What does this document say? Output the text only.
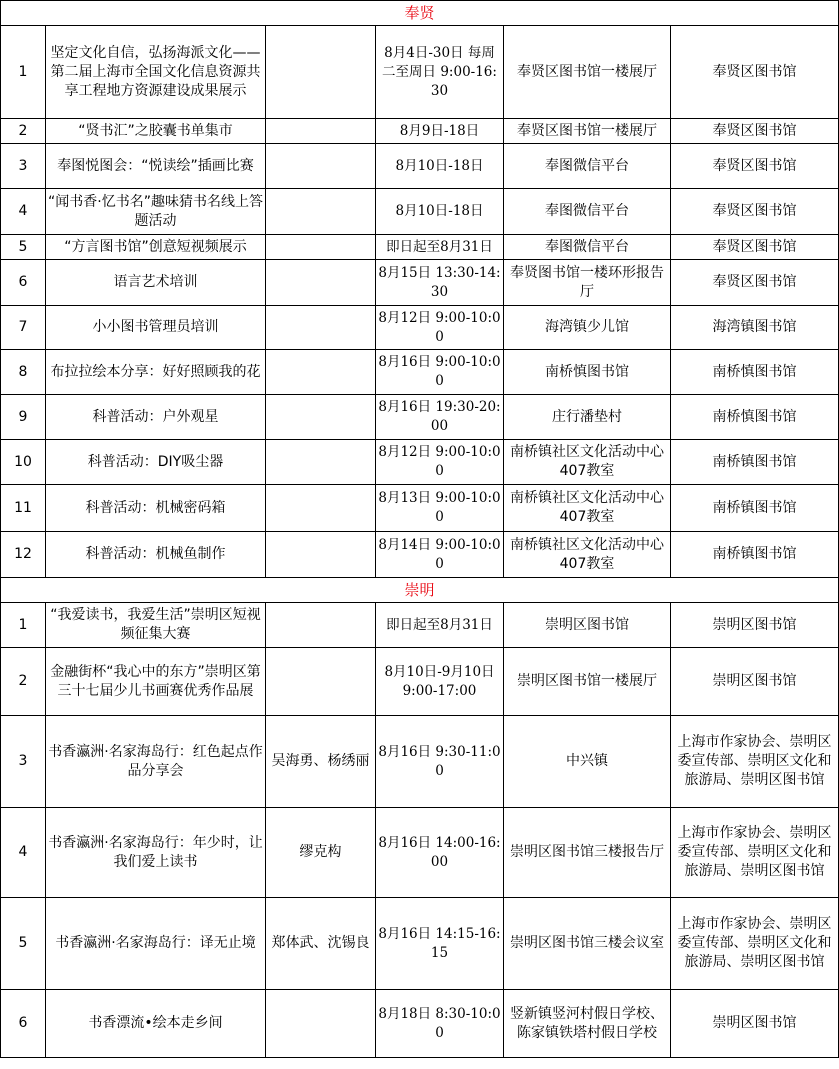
奉贤					
1	坚定文化自信，弘扬海派文化——第二届上海市全国文化信息资源共享工程地方资源建设成果展示		8月4日-30日 每周二至周日 9:00-16:30	奉贤区图书馆一楼展厅	奉贤区图书馆
2	“贤书汇”之胶囊书单集市		8月9日-18日	奉贤区图书馆一楼展厅	奉贤区图书馆
3	奉图悦图会：“悦读绘”插画比赛		8月10日-18日	奉图微信平台	奉贤区图书馆
4	“闻书香·忆书名”趣味猜书名线上答题活动		8月10日-18日	奉图微信平台	奉贤区图书馆
5	“方言图书馆”创意短视频展示		即日起至8月31日	奉图微信平台	奉贤区图书馆
6	语言艺术培训		8月15日 13:30-14:30	奉贤图书馆一楼环形报告厅	奉贤区图书馆
7	小小图书管理员培训		8月12日 9:00-10:00	海湾镇少儿馆	海湾镇图书馆
8	布拉拉绘本分享：好好照顾我的花		8月16日 9:00-10:00	南桥慎图书馆	南桥慎图书馆
9	科普活动：户外观星		8月16日 19:30-20:00	庄行潘垫村	南桥慎图书馆
10	科普活动：DIY吸尘器		8月12日 9:00-10:00	南桥镇社区文化活动中心407教室	南桥镇图书馆
11	科普活动：机械密码箱		8月13日 9:00-10:00	南桥镇社区文化活动中心407教室	南桥镇图书馆
12	科普活动：机械鱼制作		8月14日 9:00-10:00	南桥镇社区文化活动中心407教室	南桥镇图书馆
崇明					
1	“我爱读书，我爱生活”崇明区短视频征集大赛		即日起至8月31日	崇明区图书馆	崇明区图书馆
2	金融街杯“我心中的东方”崇明区第三十七届少儿书画赛优秀作品展		8月10日-9月10日 9:00-17:00	崇明区图书馆一楼展厅	崇明区图书馆
3	书香瀛洲·名家海岛行：红色起点作品分享会	吴海勇、杨绣丽	8月16日 9:30-11:00	中兴镇	上海市作家协会、崇明区委宣传部、崇明区文化和旅游局、崇明区图书馆
4	书香瀛洲·名家海岛行：年少时，让我们爱上读书	缪克构	8月16日 14:00-16:00	崇明区图书馆三楼报告厅	上海市作家协会、崇明区委宣传部、崇明区文化和旅游局、崇明区图书馆
5	书香瀛洲·名家海岛行：译无止境	郑体武、沈锡良	8月16日 14:15-16:15	崇明区图书馆三楼会议室	上海市作家协会、崇明区委宣传部、崇明区文化和旅游局、崇明区图书馆
6	书香漂流•绘本走乡间		8月18日 8:30-10:00	竖新镇竖河村假日学校、陈家镇铁塔村假日学校	崇明区图书馆
